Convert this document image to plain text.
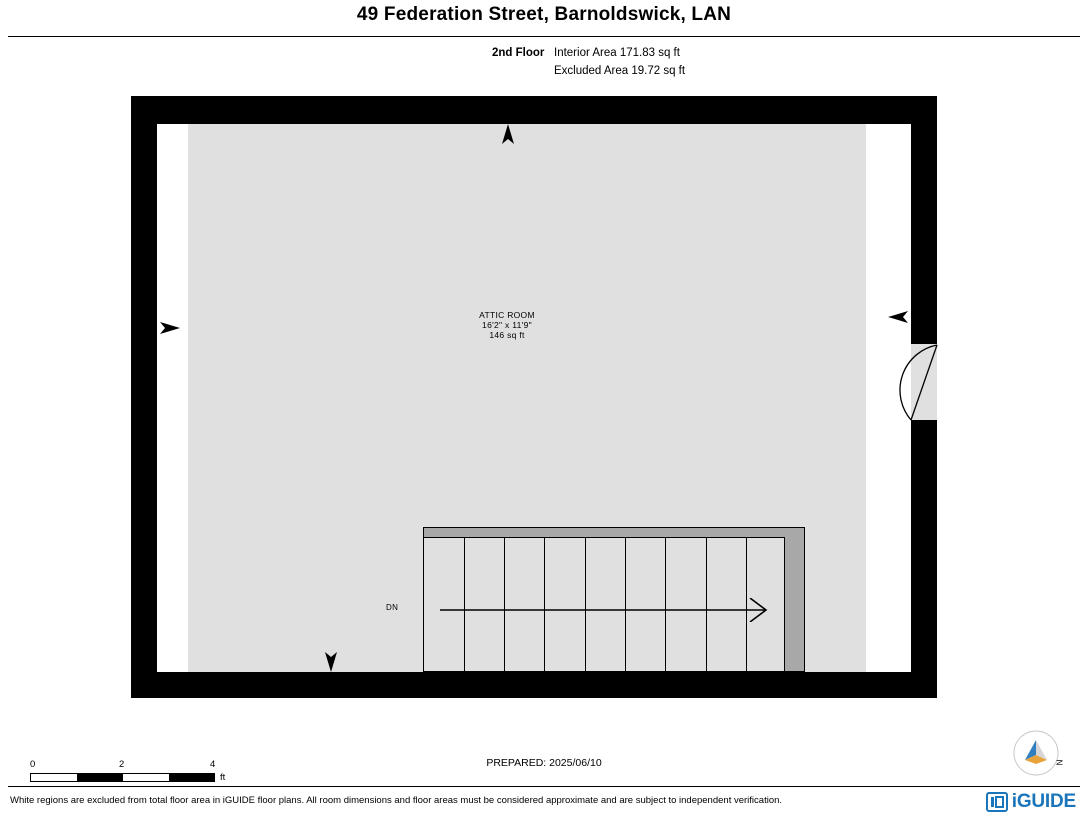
49 Federation Street, Barnoldswick, LAN
2nd Floor Interior Area 171.83 sq ft
Excluded Area 19.72 sq ft
ATTIC ROOM
16'2" x 11'9"
146 sq ft
DN
0	2	4
ft
PREPARED: 2025/06/10	N
White regions are excluded from total floor area in iGUIDE floor plans. All room dimensions and floor areas must be considered approximate and are subject to independent verification.	iGUIDE
